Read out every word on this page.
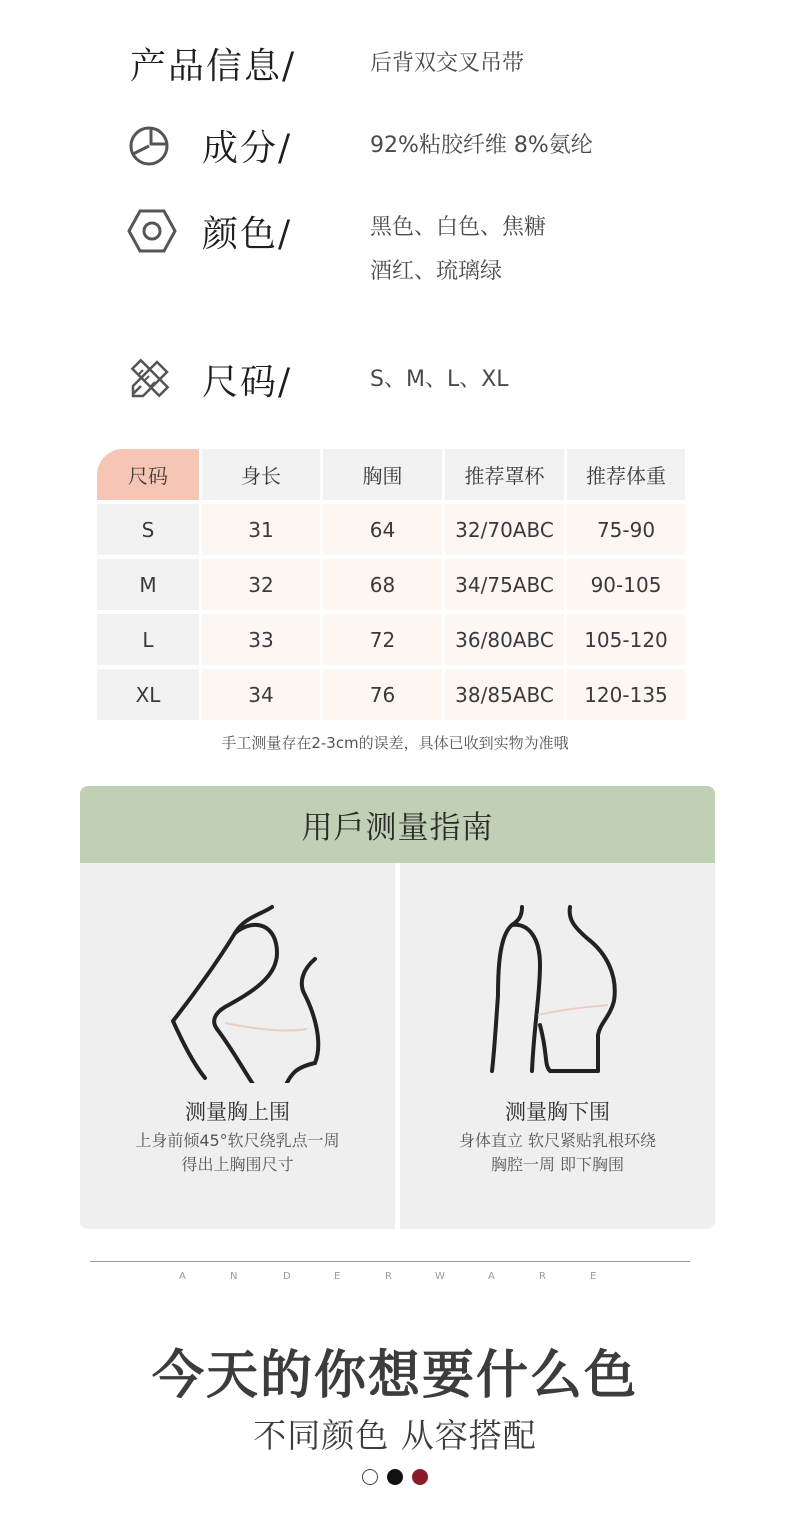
产品信息/	后背双交叉吊带
成分/	92%粘胶纤维 8%氨纶
颜色/	黑色、白色、焦糖
酒红、琉璃绿
尺码/	S、M、L、XL
尺码	身长	胸围	推荐罩杯	推荐体重
S	31	64	32/70ABC	75-90
M	32	68	34/75ABC	90-105
L	33	72	36/80ABC	105-120
XL	34	76	38/85ABC	120-135
手工测量存在2-3cm的误差，具体已收到实物为准哦
用戶测量指南
测量胸上围
上身前倾45°软尺绕乳点一周
得出上胸围尺寸
测量胸下围
身体直立 软尺紧贴乳根环绕
胸腔一周 即下胸围
A	N	D	E	R	W	A	R	E
今天的你想要什么色
不同颜色 从容搭配
